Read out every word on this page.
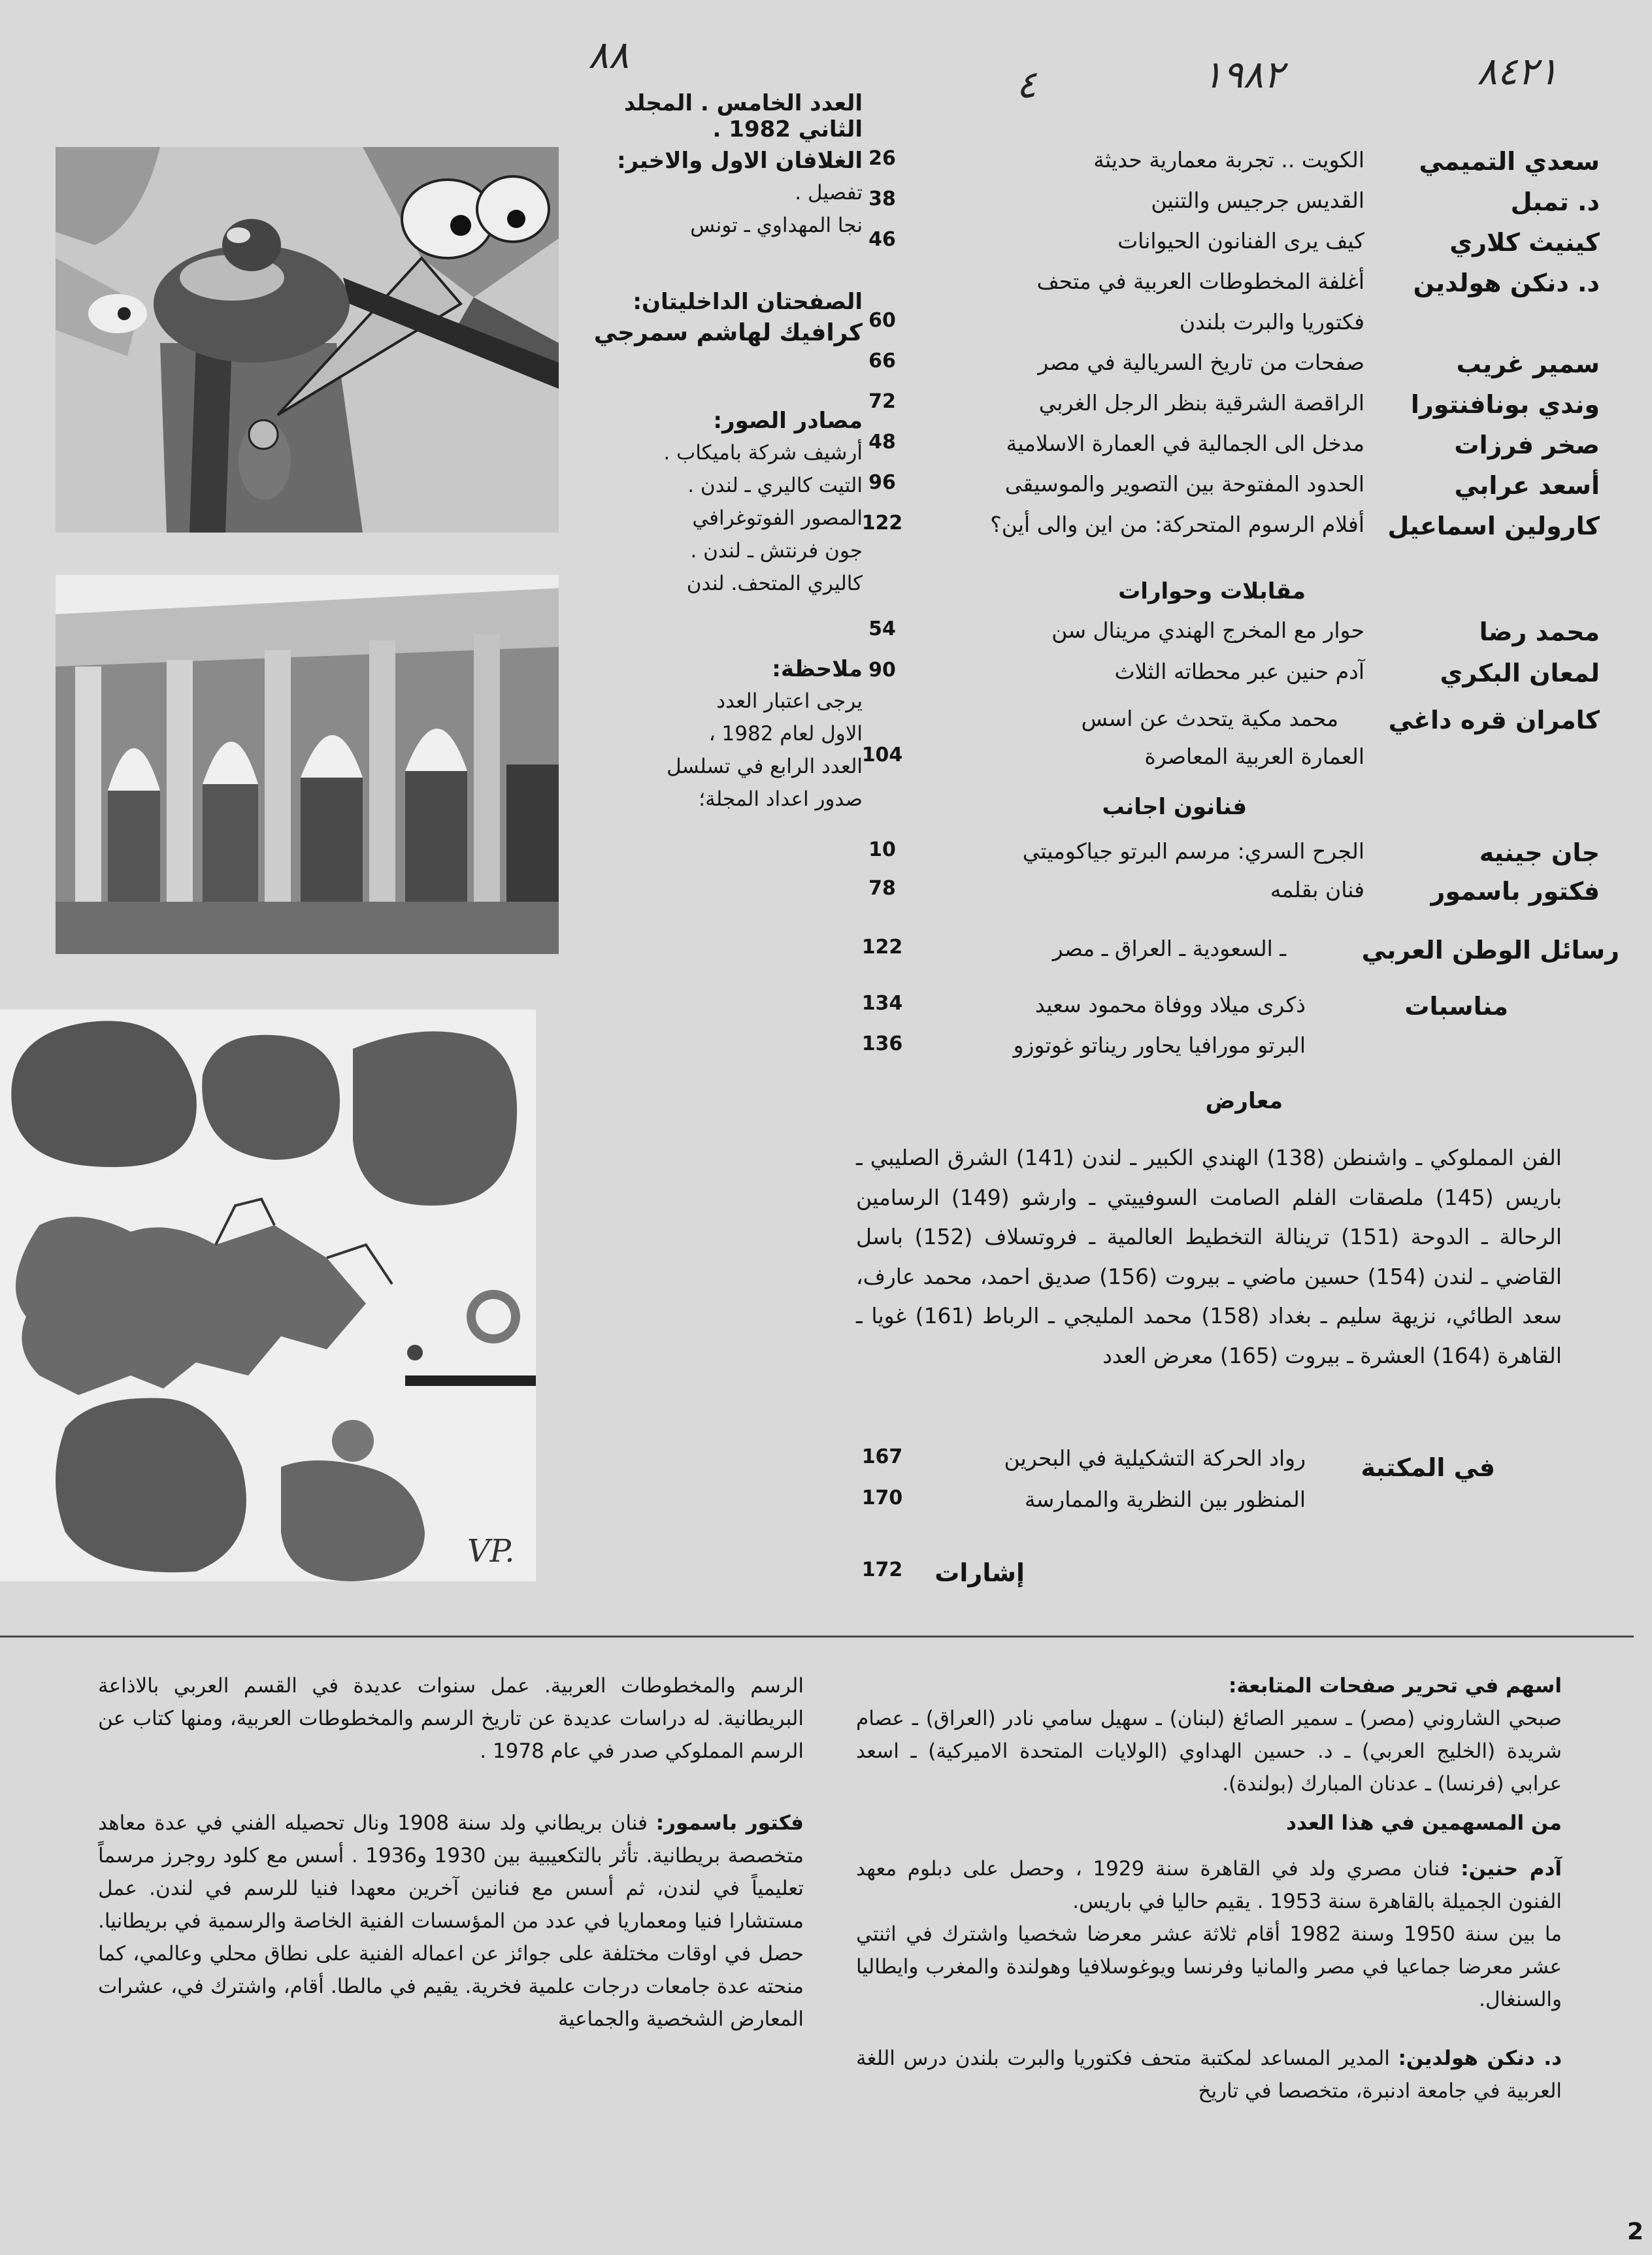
٨٨
٤	١٩٨٢	٨٤٢١
العدد الخامس . المجلد الثاني 1982 .
سعدي التميمي
الكويت .. تجربة معمارية حديثة
26
د. تمبل
القديس جرجيس والتنين
38
كينيث كلاري
كيف يرى الفنانون الحيوانات
46
د. دنكن هولدين
أغلفة المخطوطات العربية في متحف
فكتوريا والبرت بلندن
60
سمير غريب
صفحات من تاريخ السريالية في مصر
66
وندي بونافنتورا
الراقصة الشرقية بنظر الرجل الغربي
72
صخر فرزات
مدخل الى الجمالية في العمارة الاسلامية
48
أسعد عرابي
الحدود المفتوحة بين التصوير والموسيقى
96
كارولين اسماعيل
أفلام الرسوم المتحركة: من اين والى أين؟
122
مقابلات وحوارات
محمد رضا
حوار مع المخرج الهندي مرينال سن
54
لمعان البكري
آدم حنين عبر محطاته الثلاث
90
كامران قره داغي
محمد مكية يتحدث عن اسس
العمارة العربية المعاصرة
104
فنانون اجانب
جان جينيه
الجرح السري: مرسم البرتو جياكوميتي
10
فكتور باسمور
فنان بقلمه
78
رسائل الوطن العربي
ـ السعودية ـ العراق ـ مصر
122
مناسبات
ذكرى ميلاد ووفاة محمود سعيد
134
البرتو مورافيا يحاور ريناتو غوتوزو
136
معارض
الفن المملوكي ـ واشنطن (138) الهندي الكبير ـ لندن (141) الشرق الصليبي ـ باريس (145) ملصقات الفلم الصامت السوفييتي ـ وارشو (149) الرسامين الرحالة ـ الدوحة (151) ترينالة التخطيط العالمية ـ فروتسلاف (152) باسل القاضي ـ لندن (154) حسين ماضي ـ بيروت (156) صديق احمد، محمد عارف، سعد الطائي، نزيهة سليم ـ بغداد (158) محمد المليجي ـ الرباط (161) غويا ـ القاهرة (164) العشرة ـ بيروت (165) معرض العدد
في المكتبة
رواد الحركة التشكيلية في البحرين
167
المنظور بين النظرية والممارسة
170
إشارات
172

الغلافان الاول والاخير:

تفصيل .

نجا المهداوي ـ تونس

الصفحتان الداخليتان:

كرافيك لهاشم سمرجي

مصادر الصور:

أرشيف شركة باميكاب .

التيت كاليري ـ لندن .

المصور الفوتوغرافي

جون فرنتش ـ لندن .

كاليري المتحف. لندن

ملاحظة:

يرجى اعتبار العدد

الاول لعام 1982 ،

العدد الرابع في تسلسل

صدور اعداد المجلة؛

VP.

اسهم في تحرير صفحات المتابعة:

صبحي الشاروني (مصر) ـ سمير الصائغ (لبنان) ـ سهيل سامي نادر (العراق) ـ عصام شريدة (الخليج العربي) ـ د. حسين الهداوي (الولايات المتحدة الاميركية) ـ اسعد عرابي (فرنسا) ـ عدنان المبارك (بولندة).

من المسهمين في هذا العدد

آدم حنين: فنان مصري ولد في القاهرة سنة 1929 ، وحصل على دبلوم معهد الفنون الجميلة بالقاهرة سنة 1953 . يقيم حاليا في باريس.

ما بين سنة 1950 وسنة 1982 أقام ثلاثة عشر معرضا شخصيا واشترك في اثنتي عشر معرضا جماعيا في مصر والمانيا وفرنسا ويوغوسلافيا وهولندة والمغرب وايطاليا والسنغال.

د. دنكن هولدين: المدير المساعد لمكتبة متحف فكتوريا والبرت بلندن درس اللغة العربية في جامعة ادنبرة، متخصصا في تاريخ

الرسم والمخطوطات العربية. عمل سنوات عديدة في القسم العربي بالاذاعة البريطانية. له دراسات عديدة عن تاريخ الرسم والمخطوطات العربية، ومنها كتاب عن الرسم المملوكي صدر في عام 1978 .

فكتور باسمور: فنان بريطاني ولد سنة 1908 ونال تحصيله الفني في عدة معاهد متخصصة بريطانية. تأثر بالتكعيبية بين 1930 و1936 . أسس مع كلود روجرز مرسماً تعليمياً في لندن، ثم أسس مع فنانين آخرين معهدا فنيا للرسم في لندن. عمل مستشارا فنيا ومعماريا في عدد من المؤسسات الفنية الخاصة والرسمية في بريطانيا. حصل في اوقات مختلفة على جوائز عن اعماله الفنية على نطاق محلي وعالمي، كما منحته عدة جامعات درجات علمية فخرية. يقيم في مالطا. أقام، واشترك في، عشرات المعارض الشخصية والجماعية

2
